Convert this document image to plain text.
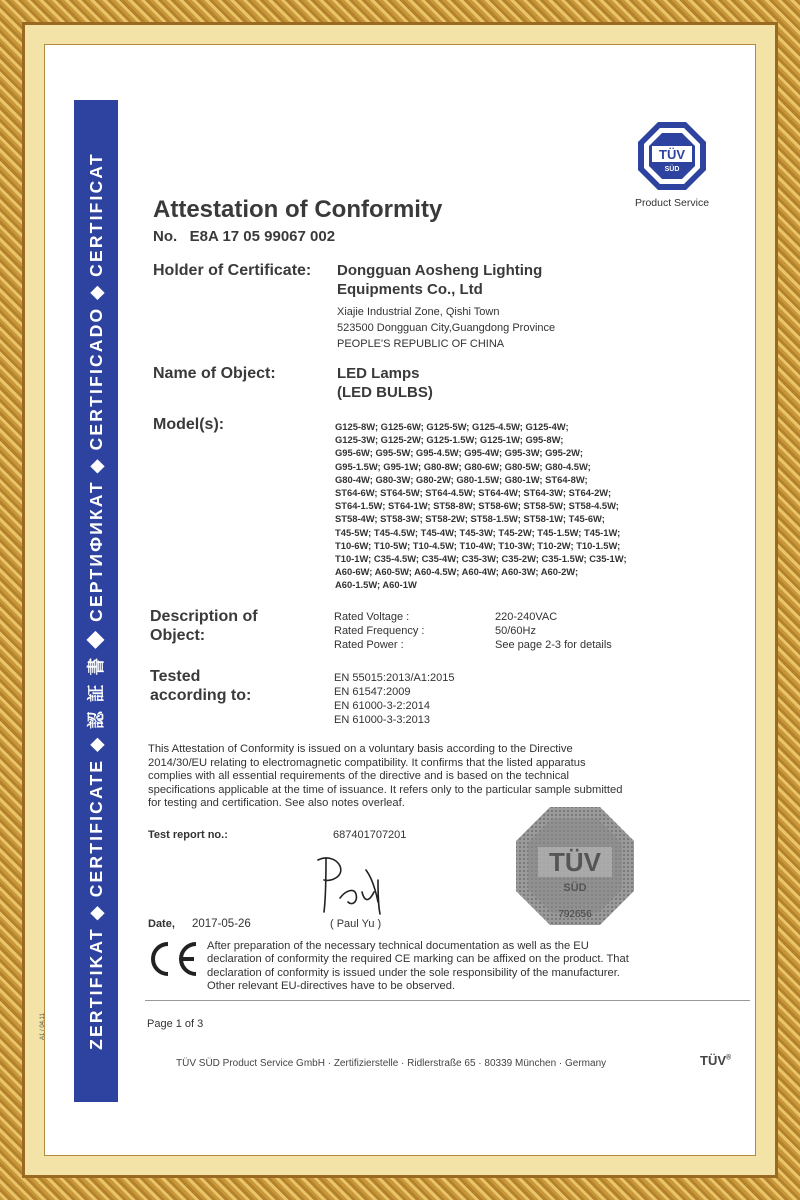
ZERTIFIKAT ◆ CERTIFICATE ◆ 認 証 書 ◆ СЕРТИФИКАТ ◆ CERTIFICADO ◆ CERTIFICAT
A1 / 04.11
TÜV
SÜD
Product Service
Attestation of Conformity
No.   E8A 17 05 99067 002
Holder of Certificate: Dongguan Aosheng Lighting
Equipments Co., Ltd
Xiajie Industrial Zone, Qishi Town
523500 Dongguan City,Guangdong Province
PEOPLE'S REPUBLIC OF CHINA
Name of Object:	LED Lamps
(LED BULBS)
Model(s):	G125-8W; G125-6W; G125-5W; G125-4.5W; G125-4W;
G125-3W; G125-2W; G125-1.5W; G125-1W; G95-8W;
G95-6W; G95-5W; G95-4.5W; G95-4W; G95-3W; G95-2W;
G95-1.5W; G95-1W; G80-8W; G80-6W; G80-5W; G80-4.5W;
G80-4W; G80-3W; G80-2W; G80-1.5W; G80-1W; ST64-8W;
ST64-6W; ST64-5W; ST64-4.5W; ST64-4W; ST64-3W; ST64-2W;
ST64-1.5W; ST64-1W; ST58-8W; ST58-6W; ST58-5W; ST58-4.5W;
ST58-4W; ST58-3W; ST58-2W; ST58-1.5W; ST58-1W; T45-6W;
T45-5W; T45-4.5W; T45-4W; T45-3W; T45-2W; T45-1.5W; T45-1W;
T10-6W; T10-5W; T10-4.5W; T10-4W; T10-3W; T10-2W; T10-1.5W;
T10-1W; C35-4.5W; C35-4W; C35-3W; C35-2W; C35-1.5W; C35-1W;
A60-6W; A60-5W; A60-4.5W; A60-4W; A60-3W; A60-2W;
A60-1.5W; A60-1W
Description of
Object:
Rated Voltage :	220-240VAC
Rated Frequency :	50/60Hz
Rated Power :	See page 2-3 for details
Tested
according to:
EN 55015:2013/A1:2015
EN 61547:2009
EN 61000-3-2:2014
EN 61000-3-3:2013
This Attestation of Conformity is issued on a voluntary basis according to the Directive
2014/30/EU relating to electromagnetic compatibility. It confirms that the listed apparatus
complies with all essential requirements of the directive and is based on the technical
specifications applicable at the time of issuance. It refers only to the particular sample submitted
for testing and certification. See also notes overleaf.
Test report no.:	687401707201
TÜV
SÜD
792656
Date, 2017-05-26	( Paul Yu )
After preparation of the necessary technical documentation as well as the EU
declaration of conformity the required CE marking can be affixed on the product. That
declaration of conformity is issued under the sole responsibility of the manufacturer.
Other relevant EU-directives have to be observed.
Page 1 of 3
TÜV SÜD Product Service GmbH · Zertifizierstelle · Ridlerstraße 65 · 80339 München · Germany	TÜV®
